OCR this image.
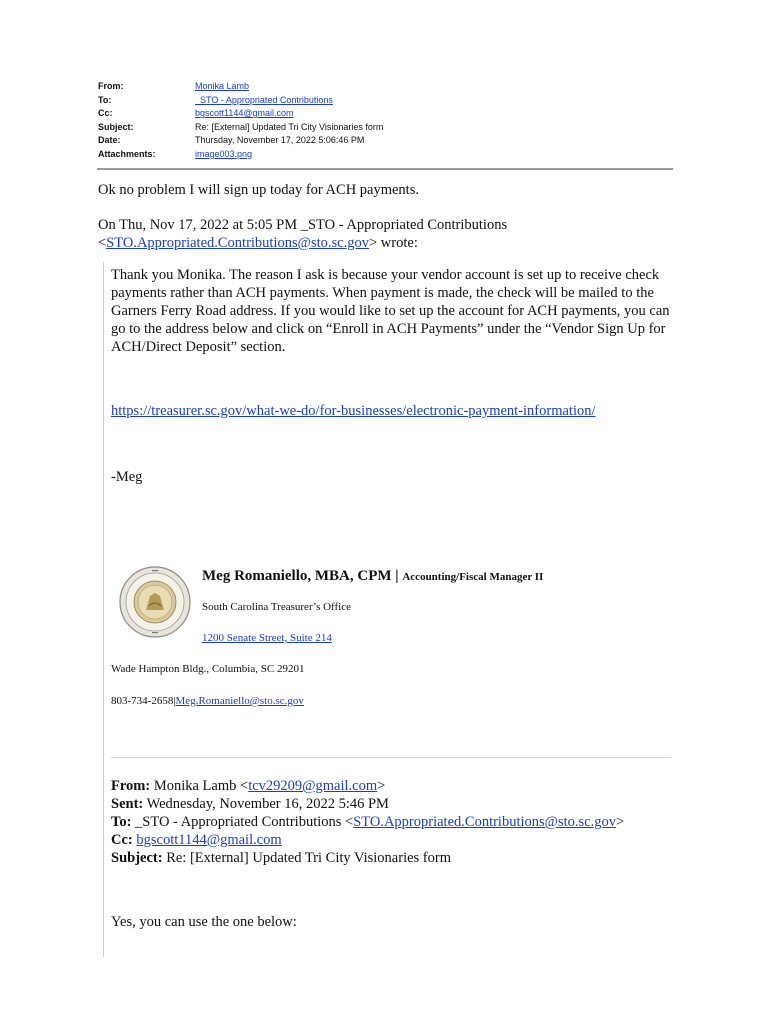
From:	Monika Lamb
To:	_STO - Appropriated Contributions
Cc:	bgscott1144@gmail.com
Subject:	Re: [External] Updated Tri City Visionaries form
Date:	Thursday, November 17, 2022 5:06:46 PM
Attachments:	image003.png
Ok no problem I will sign up today for ACH payments.
On Thu, Nov 17, 2022 at 5:05 PM _STO - Appropriated Contributions
<STO.Appropriated.Contributions@sto.sc.gov> wrote:
Thank you Monika. The reason I ask is because your vendor account is set up to receive check payments rather than ACH payments. When payment is made, the check will be mailed to the Garners Ferry Road address. If you would like to set up the account for ACH payments, you can go to the address below and click on “Enroll in ACH Payments” under the “Vendor Sign Up for ACH/Direct Deposit” section.
https://treasurer.sc.gov/what-we-do/for-businesses/electronic-payment-information/
-Meg
Meg Romaniello, MBA, CPM | Accounting/Fiscal Manager II
South Carolina Treasurer’s Office
1200 Senate Street, Suite 214
Wade Hampton Bldg., Columbia, SC 29201
803-734-2658|Meg.Romaniello@sto.sc.gov
From: Monika Lamb <tcv29209@gmail.com>
Sent: Wednesday, November 16, 2022 5:46 PM
To: _STO - Appropriated Contributions <STO.Appropriated.Contributions@sto.sc.gov>
Cc: bgscott1144@gmail.com
Subject: Re: [External] Updated Tri City Visionaries form
Yes, you can use the one below:
